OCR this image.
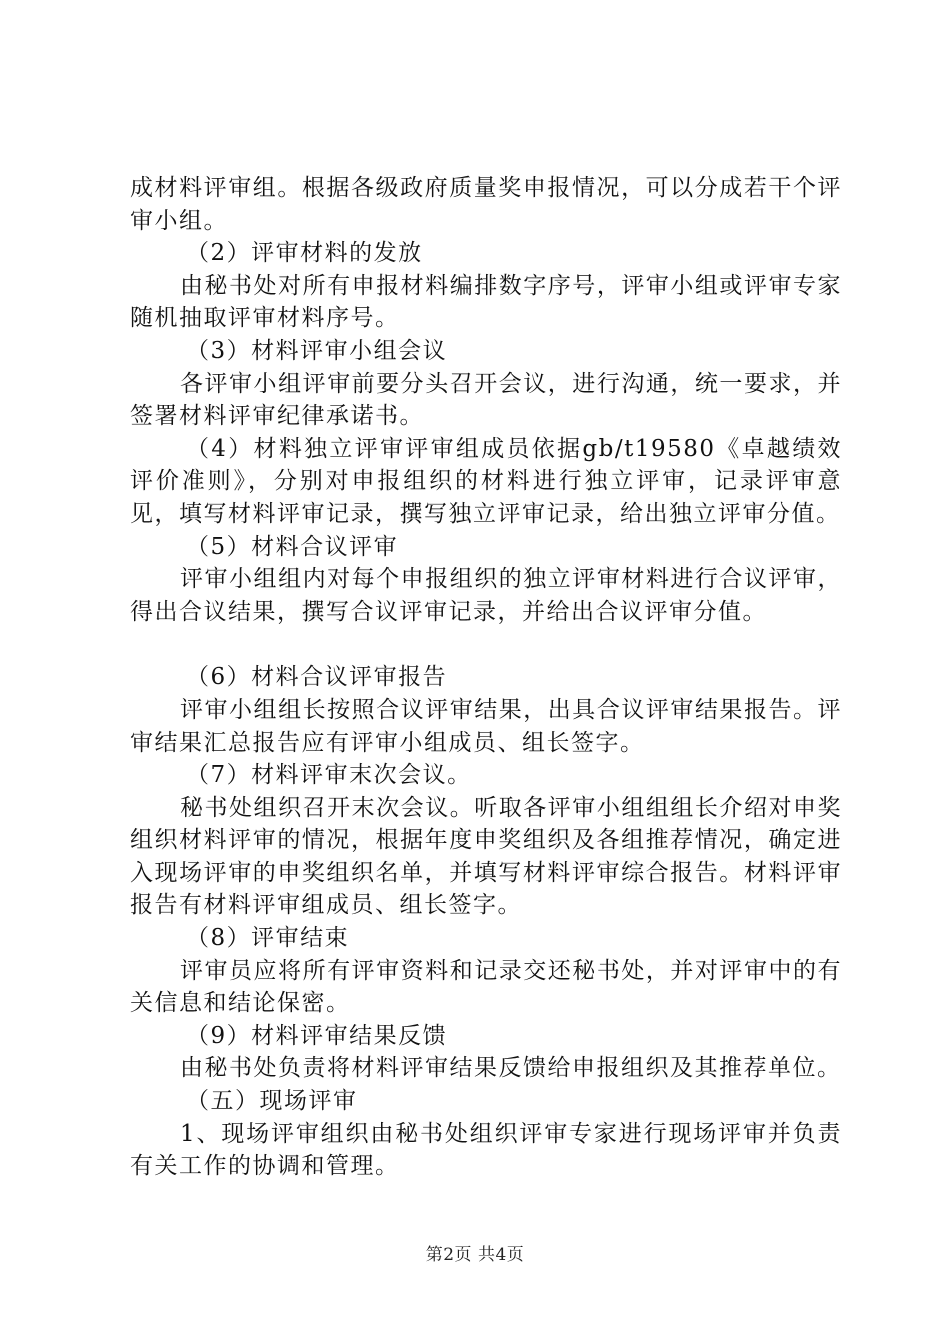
成材料评审组。根据各级政府质量奖申报情况，可以分成若干个评审小组。

（2）评审材料的发放

由秘书处对所有申报材料编排数字序号，评审小组或评审专家随机抽取评审材料序号。

（3）材料评审小组会议

各评审小组评审前要分头召开会议，进行沟通，统一要求，并签署材料评审纪律承诺书。

（4）材料独立评审评审组成员依据gb/t19580《卓越绩效评价准则》，分别对申报组织的材料进行独立评审，记录评审意见，填写材料评审记录，撰写独立评审记录，给出独立评审分值。

（5）材料合议评审

评审小组组内对每个申报组织的独立评审材料进行合议评审，得出合议结果，撰写合议评审记录，并给出合议评审分值。

（6）材料合议评审报告

评审小组组长按照合议评审结果，出具合议评审结果报告。评审结果汇总报告应有评审小组成员、组长签字。

（7）材料评审末次会议。

秘书处组织召开末次会议。听取各评审小组组组长介绍对申奖组织材料评审的情况，根据年度申奖组织及各组推荐情况，确定进入现场评审的申奖组织名单，并填写材料评审综合报告。材料评审报告有材料评审组成员、组长签字。

（8）评审结束

评审员应将所有评审资料和记录交还秘书处，并对评审中的有关信息和结论保密。

（9）材料评审结果反馈

由秘书处负责将材料评审结果反馈给申报组织及其推荐单位。

（五）现场评审

1、现场评审组织由秘书处组织评审专家进行现场评审并负责有关工作的协调和管理。

第2页 共4页
